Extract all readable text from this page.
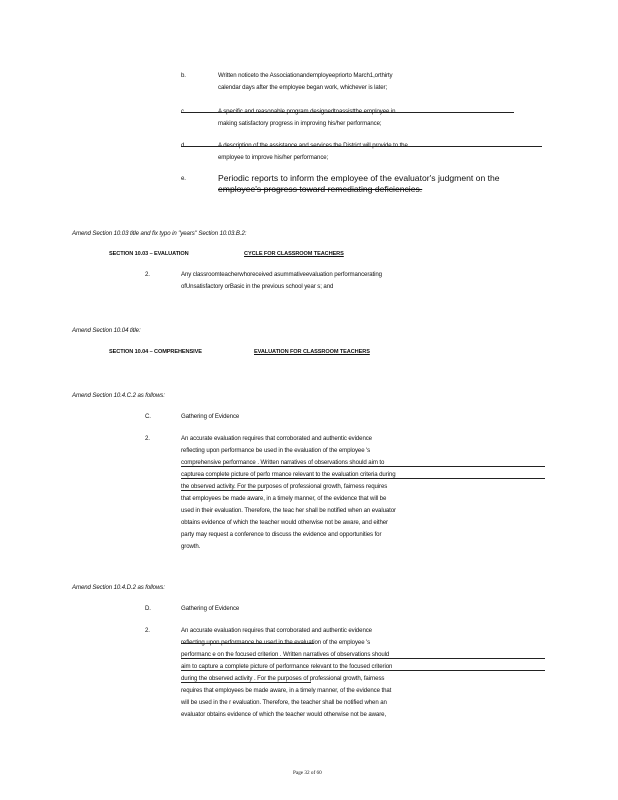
b.	Written noticeto the Associationandemployeepriorto March1,orthirty
calendar days after the employee began work, whichever is later;
c.	A specific and reasonable program designedtoassistthe employee in
making satisfactory progress in improving his/her performance;
d.	A description of the assistance and services the District will provide to the
employee to improve his/her performance;
e.	Periodic reports to inform the employee of the evaluator's judgment on the
employee's progress toward remediating deficiencies.
Amend Section 10.03 title and fix typo in "years" Section 10.03.B.2:
SECTION 10.03 – EVALUATION	CYCLE FOR CLASSROOM TEACHERS
2.	Any classroomteacherwhoreceived asummativeevaluation performancerating
ofUnsatisfactory orBasic in the previous school year s; and
Amend Section 10.04 title:
SECTION 10.04 – COMPREHENSIVE	EVALUATION FOR CLASSROOM TEACHERS
Amend Section 10.4.C.2 as follows:
C.	Gathering of Evidence
2.	An accurate evaluation requires that corroborated and authentic evidence
reflecting upon performance be used in the evaluation of the employee 's
comprehensive performance . Written narratives of observations should aim to
capturea complete picture of perfo rmance relevant to the evaluation criteria during
the observed activity. For the purposes of professional growth, fairness requires
that employees be made aware, in a timely manner, of the evidence that will be
used in their evaluation. Therefore, the teac her shall be notified when an evaluator
obtains evidence of which the teacher would otherwise not be aware, and either
party may request a conference to discuss the evidence and opportunities for
growth.
Amend Section 10.4.D.2 as follows:
D.	Gathering of Evidence
2.	An accurate evaluation requires that corroborated and authentic evidence
reflecting upon performance be used in the evaluation of the employee 's
performanc e on the focused criterion . Written narratives of observations should
aim to capture a complete picture of performance relevant to the focused criterion
during the observed activity . For the purposes of professional growth, fairness
requires that employees be made aware, in a timely manner, of the evidence that
will be used in the r evaluation. Therefore, the teacher shall be notified when an
evaluator obtains evidence of which the teacher would otherwise not be aware,
Page 32 of 60
